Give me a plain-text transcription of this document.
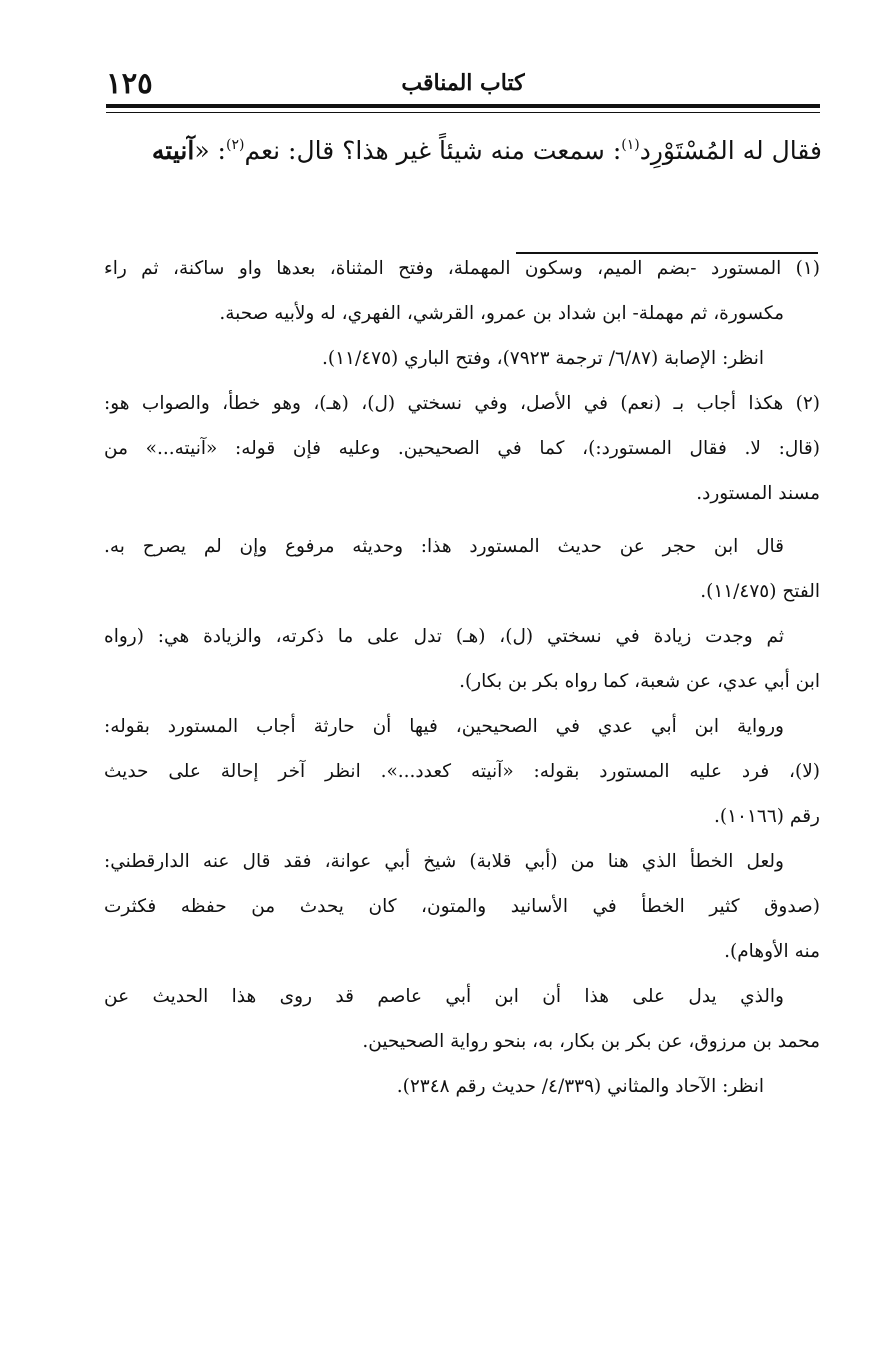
كتاب المناقب
١٢٥
فقال له المُسْتَوْرِد$^{(١)}$: سمعت منه شيئاً غير هذا؟ قال: نعم$^{(٢)}$: «آنيته
(١) المستورد -بضم الميم، وسكون المهملة، وفتح المثناة، بعدها واو ساكنة، ثم راء
مكسورة، ثم مهملة- ابن شداد بن عمرو، القرشي، الفهري، له ولأبيه صحبة.
انظر: الإصابة (٦/٨٧/ ترجمة ٧٩٢٣)، وفتح الباري (١١/٤٧٥).
(٢) هكذا أجاب بـ (نعم) في الأصل، وفي نسختي (ل)، (هـ)، وهو خطأ، والصواب هو:
(قال: لا. فقال المستورد:)، كما في الصحيحين. وعليه فإن قوله: «آنيته...» من
مسند المستورد.
قال ابن حجر عن حديث المستورد هذا: وحديثه مرفوع وإن لم يصرح به.
الفتح (١١/٤٧٥).
ثم وجدت زيادة في نسختي (ل)، (هـ) تدل على ما ذكرته، والزيادة هي: (رواه
ابن أبي عدي، عن شعبة، كما رواه بكر بن بكار).
ورواية ابن أبي عدي في الصحيحين، فيها أن حارثة أجاب المستورد بقوله:
(لا)، فرد عليه المستورد بقوله: «آنيته كعدد...». انظر آخر إحالة على حديث
رقم (١٠١٦٦).
ولعل الخطأ الذي هنا من (أبي قلابة) شيخ أبي عوانة، فقد قال عنه الدارقطني:
(صدوق كثير الخطأ في الأسانيد والمتون، كان يحدث من حفظه فكثرت
منه الأوهام).
والذي يدل على هذا أن ابن أبي عاصم قد روى هذا الحديث عن
محمد بن مرزوق، عن بكر بن بكار، به، بنحو رواية الصحيحين.
انظر: الآحاد والمثاني (٤/٣٣٩/ حديث رقم ٢٣٤٨).
